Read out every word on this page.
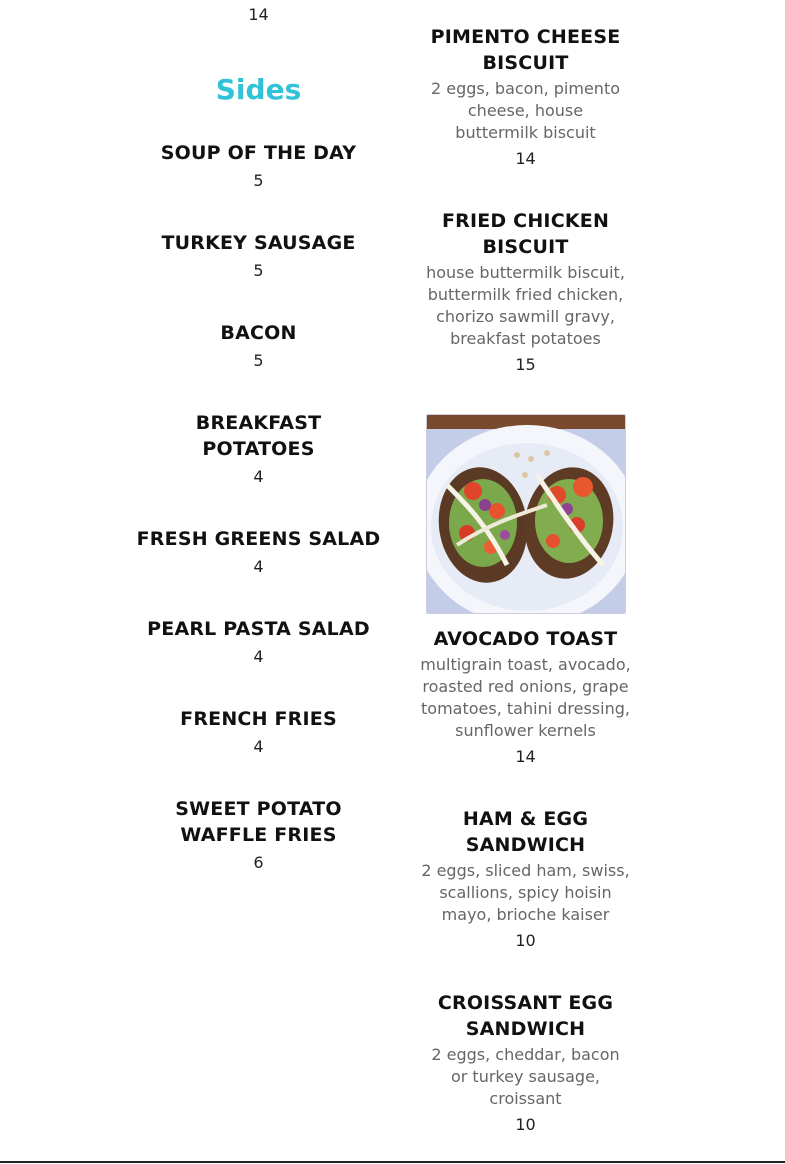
14
Sides
SOUP OF THE DAY
5
TURKEY SAUSAGE
5
BACON
5
BREAKFAST POTATOES
4
FRESH GREENS SALAD
4
PEARL PASTA SALAD
4
FRENCH FRIES
4
SWEET POTATO WAFFLE FRIES
6
PIMENTO CHEESE BISCUIT
2 eggs, bacon, pimento cheese, house buttermilk biscuit
14
FRIED CHICKEN BISCUIT
house buttermilk biscuit, buttermilk fried chicken, chorizo sawmill gravy, breakfast potatoes
15
AVOCADO TOAST
multigrain toast, avocado, roasted red onions, grape tomatoes, tahini dressing, sunflower kernels
14
HAM & EGG SANDWICH
2 eggs, sliced ham, swiss, scallions, spicy hoisin mayo, brioche kaiser
10
CROISSANT EGG SANDWICH
2 eggs, cheddar, bacon or turkey sausage, croissant
10
